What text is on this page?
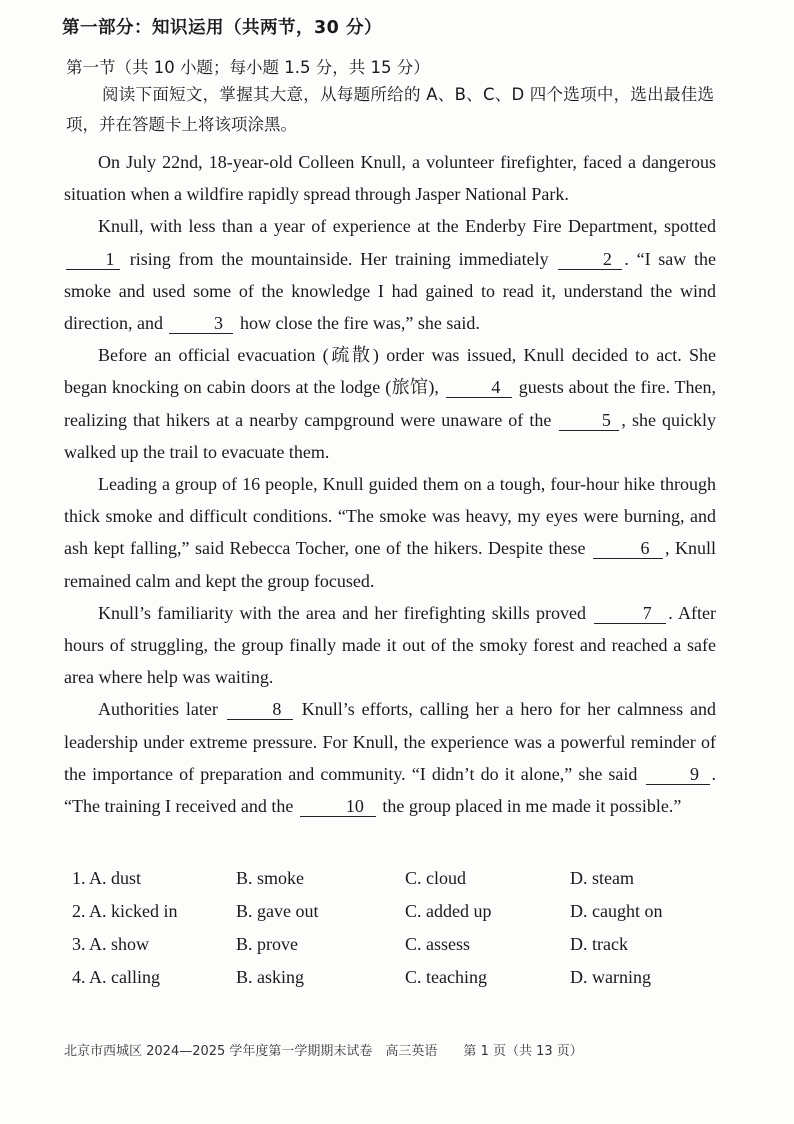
第一部分：知识运用（共两节，30 分）
第一节（共 10 小题；每小题 1.5 分，共 15 分）
阅读下面短文，掌握其大意，从每题所给的 A、B、C、D 四个选项中，选出最佳选项，并在答题卡上将该项涂黑。

On July 22nd, 18-year-old Colleen Knull, a volunteer firefighter, faced a dangerous situation when a wildfire rapidly spread through Jasper National Park.

Knull, with less than a year of experience at the Enderby Fire Department, spotted 1 rising from the mountainside. Her training immediately	2 . “I saw the smoke and used some of the knowledge I had gained to read it, understand the wind direction, and	3 how close the fire was,” she said.

Before an official evacuation (疏散) order was issued, Knull decided to act. She began knocking on cabin doors at the lodge (旅馆),	4 guests about the fire. Then, realizing that hikers at a nearby campground were unaware of the	5 , she quickly walked up the trail to evacuate them.

Leading a group of 16 people, Knull guided them on a tough, four-hour hike through thick smoke and difficult conditions. “The smoke was heavy, my eyes were burning, and ash kept falling,” said Rebecca Tocher, one of the hikers. Despite these	6 , Knull remained calm and kept the group focused.

Knull’s familiarity with the area and her firefighting skills proved	7 . After hours of struggling, the group finally made it out of the smoky forest and reached a safe area where help was waiting.

Authorities later	8 Knull’s efforts, calling her a hero for her calmness and leadership under extreme pressure. For Knull, the experience was a powerful reminder of the importance of preparation and community. “I didn’t do it alone,” she said	9 . “The training I received and the	10 the group placed in me made it possible.”

1. A. dust	B. smoke	C. cloud	D. steam
2. A. kicked in	B. gave out	C. added up	D. caught on
3. A. show	B. prove	C. assess	D. track
4. A. calling	B. asking	C. teaching	D. warning
北京市西城区 2024—2025 学年度第一学期期末试卷　高三英语　　第 1 页（共 13 页）
